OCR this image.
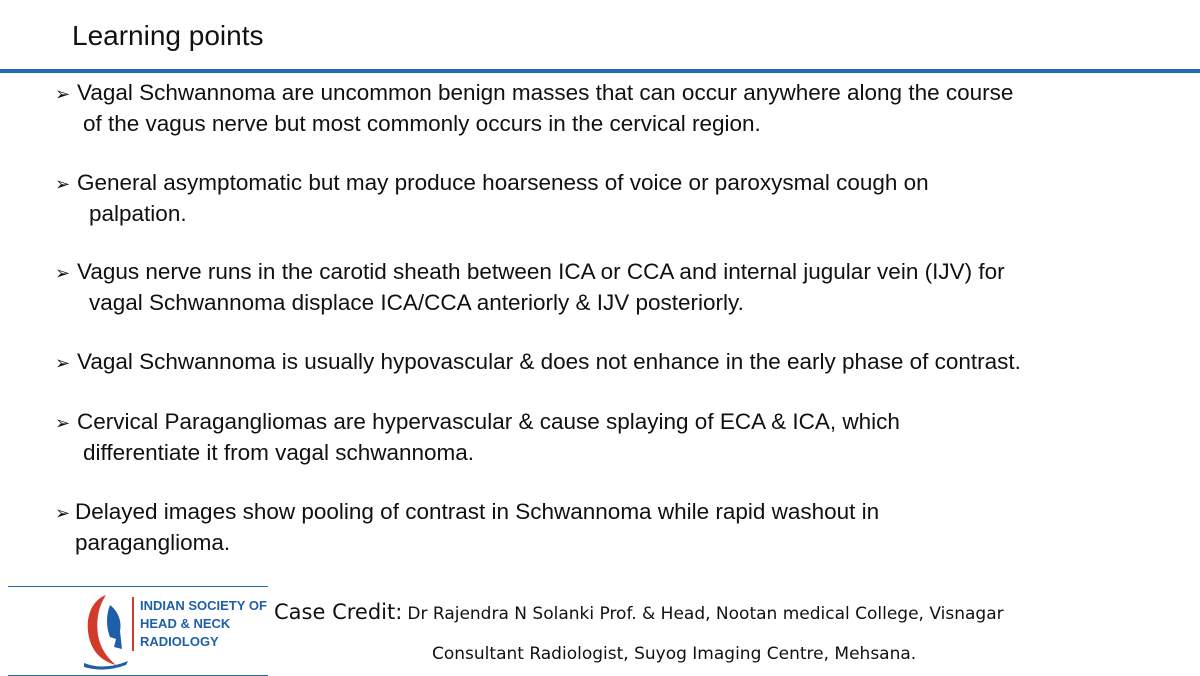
Learning points
➢ Vagal Schwannoma are uncommon benign masses that can occur anywhere along the course
of the vagus nerve but most commonly occurs in the cervical region.
➢ General asymptomatic but may produce hoarseness of voice or paroxysmal cough on
palpation.
➢ Vagus nerve runs in the carotid sheath between ICA or CCA and internal jugular vein (IJV) for
vagal Schwannoma displace ICA/CCA anteriorly & IJV posteriorly.
➢ Vagal Schwannoma is usually hypovascular & does not enhance in the early phase of contrast.
➢ Cervical Paragangliomas are hypervascular & cause splaying of ECA & ICA, which
differentiate it from vagal schwannoma.
➢ Delayed images show pooling of contrast in Schwannoma while rapid washout in
paraganglioma.
INDIAN SOCIETY OF
HEAD & NECK
RADIOLOGY
Case Credit: Dr Rajendra N Solanki Prof. & Head, Nootan medical College, Visnagar
Consultant Radiologist, Suyog Imaging Centre, Mehsana.
